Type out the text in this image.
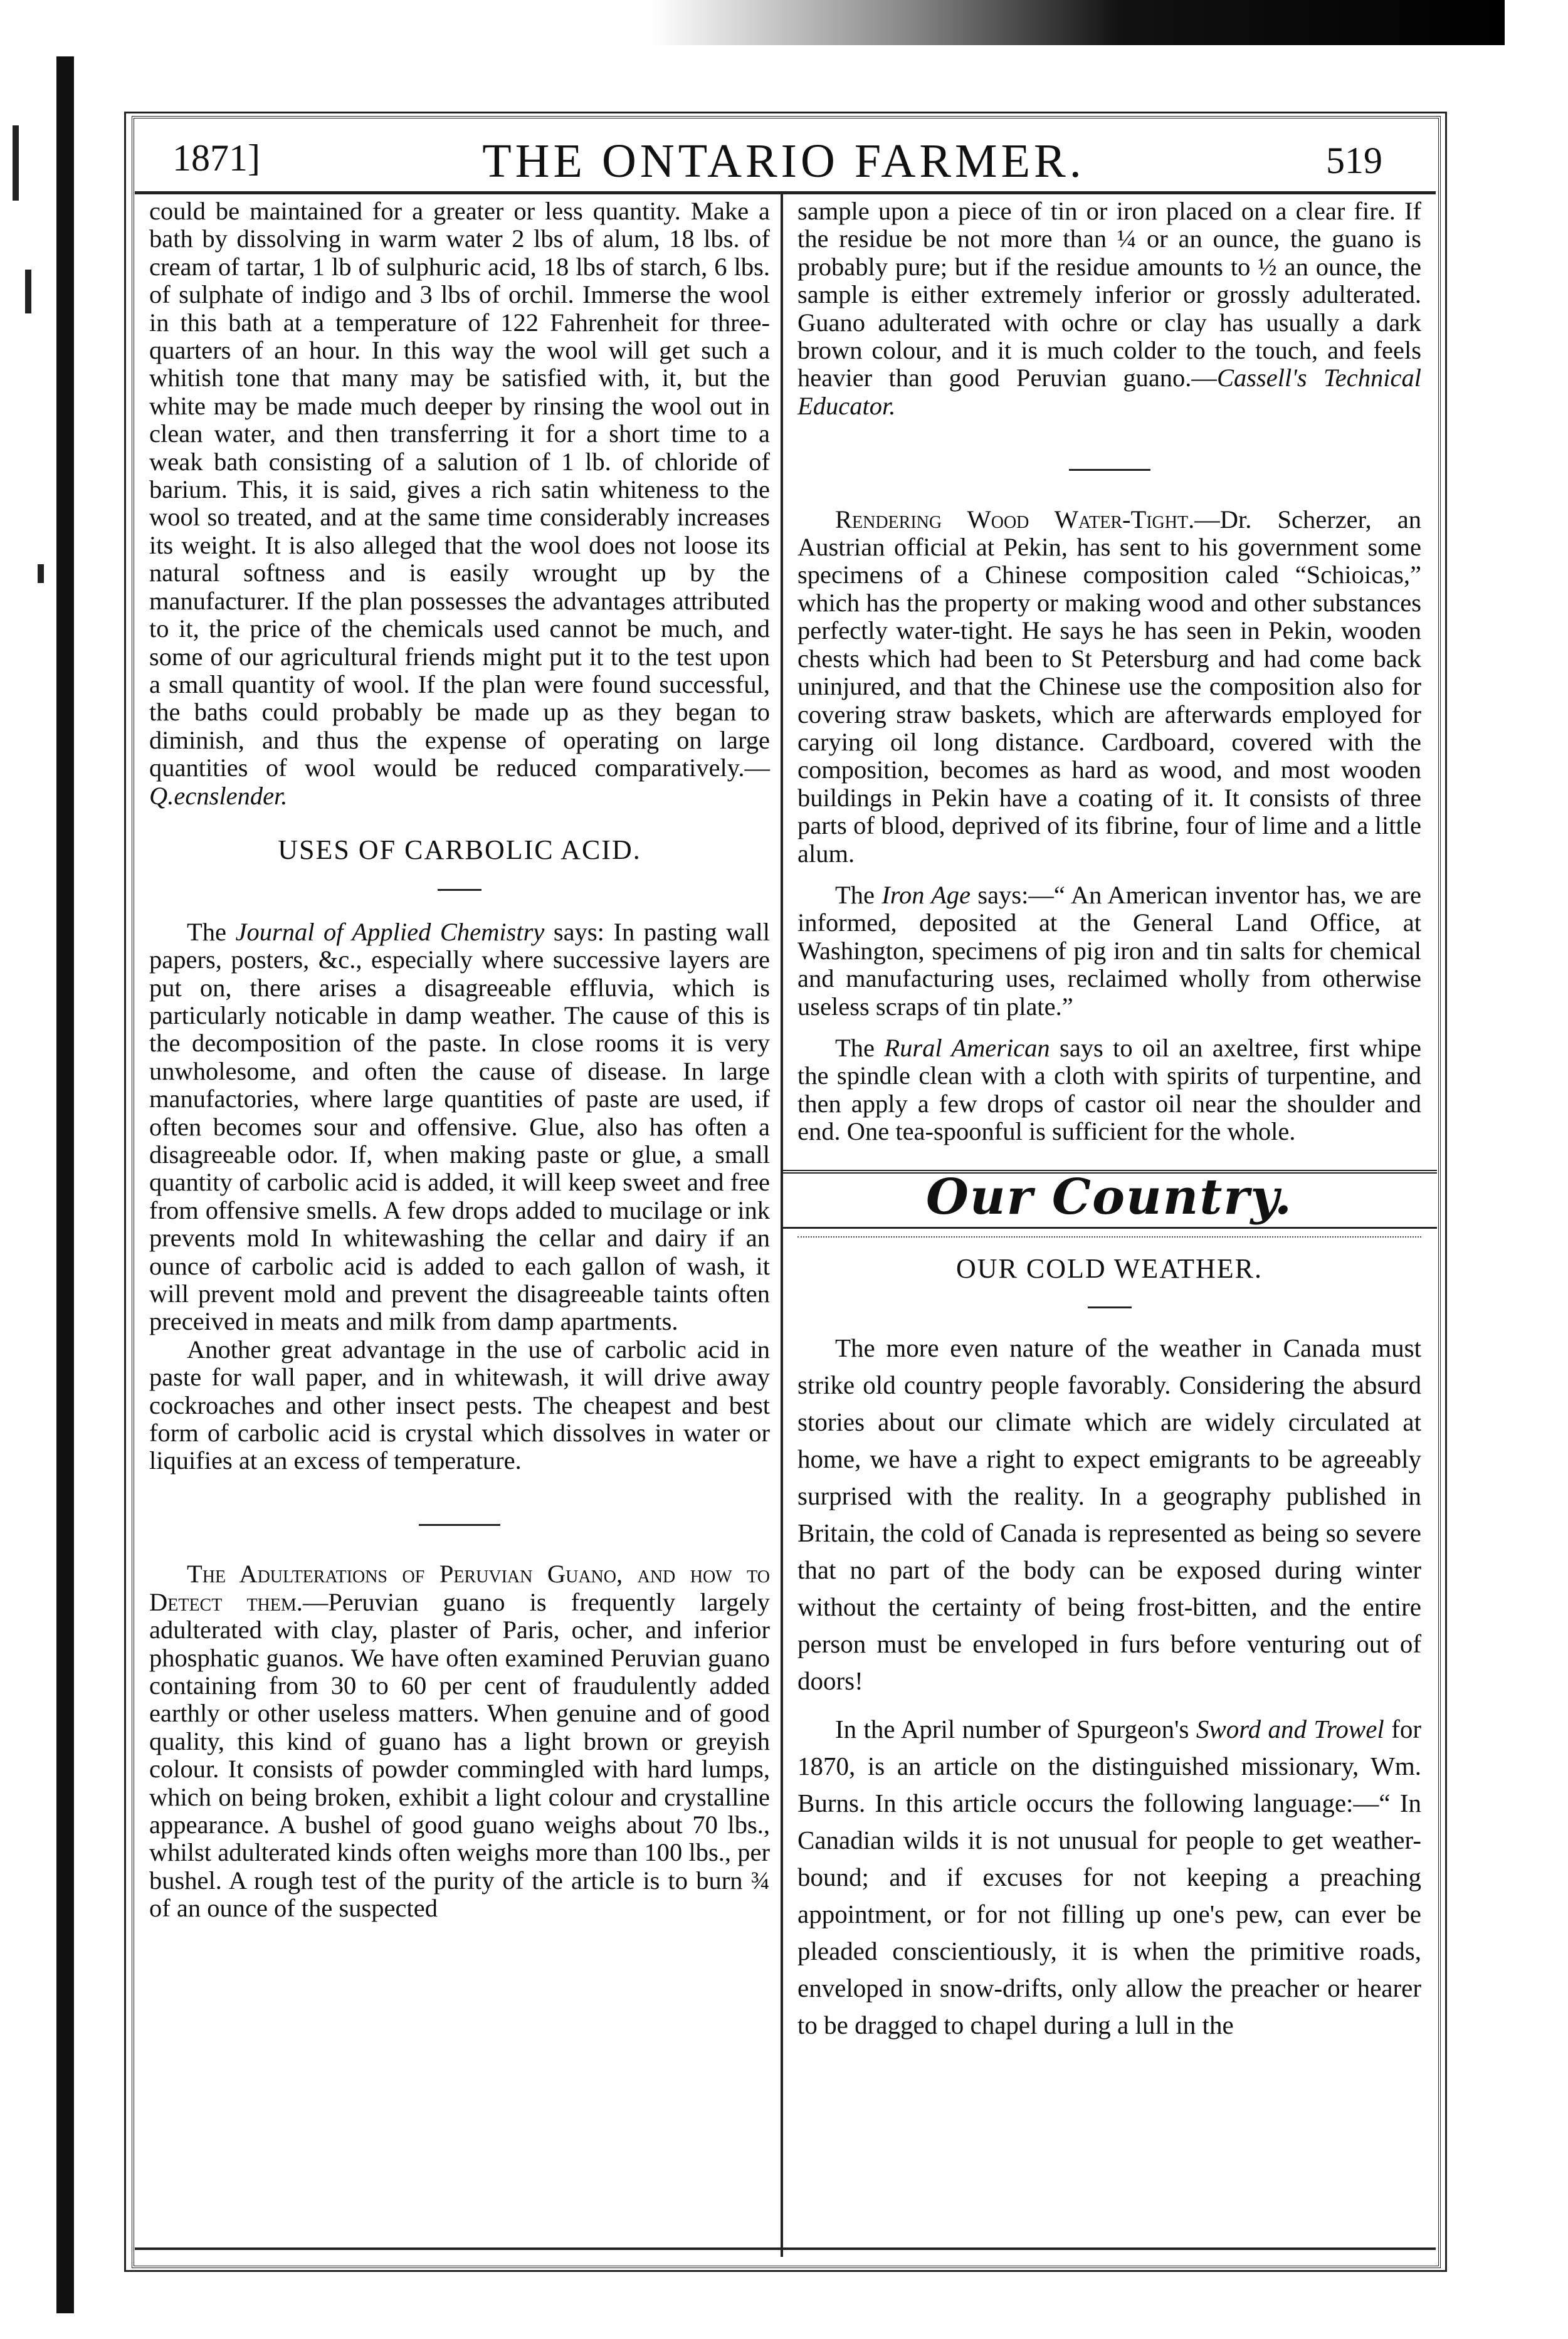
1871]	THE ONTARIO FARMER.	519

could be maintained for a greater or less quantity. Make a bath by dissolving in warm water 2 lbs of alum, 18 lbs. of cream of tartar, 1 lb of sulphuric acid, 18 lbs of starch, 6 lbs. of sulphate of indigo and 3 lbs of orchil. Immerse the wool in this bath at a temperature of 122 Fahrenheit for three-quarters of an hour. In this way the wool will get such a whitish tone that many may be satisfied with, it, but the white may be made much deeper by rinsing the wool out in clean water, and then transferring it for a short time to a weak bath consisting of a salution of 1 lb. of chloride of barium. This, it is said, gives a rich satin whiteness to the wool so treated, and at the same time considerably increases its weight. It is also alleged that the wool does not loose its natural softness and is easily wrought up by the manufacturer. If the plan possesses the advantages attributed to it, the price of the chemicals used cannot be much, and some of our agricultural friends might put it to the test upon a small quantity of wool. If the plan were found successful, the baths could probably be made up as they began to diminish, and thus the expense of operating on large quantities of wool would be reduced comparatively.—Q.ecnslender.

USES OF CARBOLIC ACID.

The Journal of Applied Chemistry says: In pasting wall papers, posters, &c., especially where successive layers are put on, there arises a disagreeable effluvia, which is particularly noticable in damp weather. The cause of this is the decomposition of the paste. In close rooms it is very unwholesome, and often the cause of disease. In large manufactories, where large quantities of paste are used, if often becomes sour and offensive. Glue, also has often a disagreeable odor. If, when making paste or glue, a small quantity of carbolic acid is added, it will keep sweet and free from offensive smells. A few drops added to mucilage or ink prevents mold In whitewashing the cellar and dairy if an ounce of carbolic acid is added to each gallon of wash, it will prevent mold and prevent the disagreeable taints often preceived in meats and milk from damp apartments.

Another great advantage in the use of carbolic acid in paste for wall paper, and in whitewash, it will drive away cockroaches and other insect pests. The cheapest and best form of carbolic acid is crystal which dissolves in water or liquifies at an excess of temperature.

The Adulterations of Peruvian Guano, and how to Detect them.—Peruvian guano is frequently largely adulterated with clay, plaster of Paris, ocher, and inferior phosphatic guanos. We have often examined Peruvian guano containing from 30 to 60 per cent of fraudulently added earthly or other useless matters. When genuine and of good quality, this kind of guano has a light brown or greyish colour. It consists of powder commingled with hard lumps, which on being broken, exhibit a light colour and crystalline appearance. A bushel of good guano weighs about 70 lbs., whilst adulterated kinds often weighs more than 100 lbs., per bushel. A rough test of the purity of the article is to burn ¾ of an ounce of the suspected

sample upon a piece of tin or iron placed on a clear fire. If the residue be not more than ¼ or an ounce, the guano is probably pure; but if the residue amounts to ½ an ounce, the sample is either extremely inferior or grossly adulterated. Guano adulterated with ochre or clay has usually a dark brown colour, and it is much colder to the touch, and feels heavier than good Peruvian guano.—Cassell's Technical Educator.

Rendering Wood Water-Tight.—Dr. Scherzer, an Austrian official at Pekin, has sent to his government some specimens of a Chinese composition caled “Schioicas,” which has the property or making wood and other substances perfectly water-tight. He says he has seen in Pekin, wooden chests which had been to St Petersburg and had come back uninjured, and that the Chinese use the composition also for covering straw baskets, which are afterwards employed for carying oil long distance. Cardboard, covered with the composition, becomes as hard as wood, and most wooden buildings in Pekin have a coating of it. It consists of three parts of blood, deprived of its fibrine, four of lime and a little alum.

The Iron Age says:—“ An American inventor has, we are informed, deposited at the General Land Office, at Washington, specimens of pig iron and tin salts for chemical and manufacturing uses, reclaimed wholly from otherwise useless scraps of tin plate.”

The Rural American says to oil an axeltree, first whipe the spindle clean with a cloth with spirits of turpentine, and then apply a few drops of castor oil near the shoulder and end. One tea-spoonful is sufficient for the whole.

Our Country.
OUR COLD WEATHER.

The more even nature of the weather in Canada must strike old country people favorably. Considering the absurd stories about our climate which are widely circulated at home, we have a right to expect emigrants to be agreeably surprised with the reality. In a geography published in Britain, the cold of Canada is represented as being so severe that no part of the body can be exposed during winter without the certainty of being frost-bitten, and the entire person must be enveloped in furs before venturing out of doors!

In the April number of Spurgeon's Sword and Trowel for 1870, is an article on the distinguished missionary, Wm. Burns. In this article occurs the following language:—“ In Canadian wilds it is not unusual for people to get weather-bound; and if excuses for not keeping a preaching appointment, or for not filling up one's pew, can ever be pleaded conscientiously, it is when the primitive roads, enveloped in snow-drifts, only allow the preacher or hearer to be dragged to chapel during a lull in the
